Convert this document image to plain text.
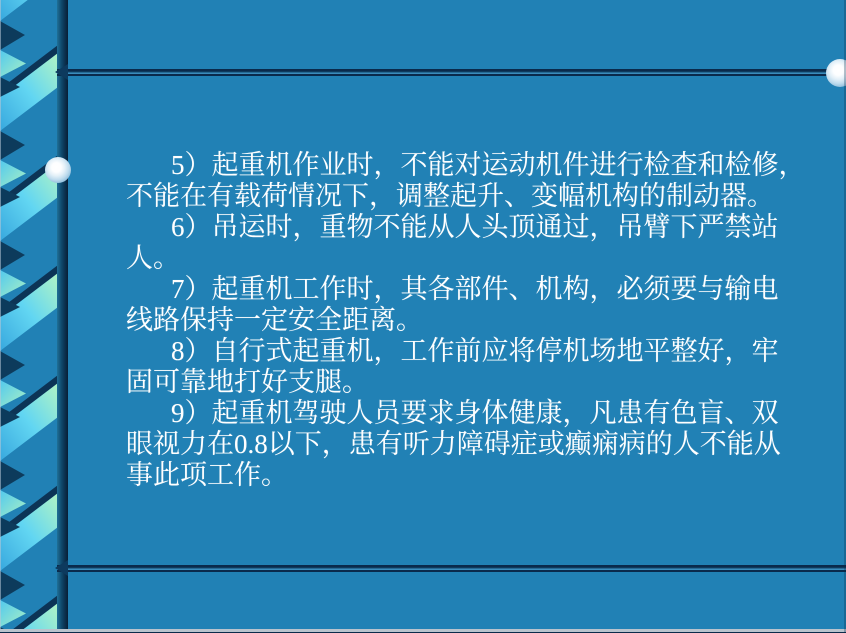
5）起重机作业时，不能对运动机件进行检查和检修，
不能在有载荷情况下，调整起升、变幅机构的制动器。
6）吊运时，重物不能从人头顶通过，吊臂下严禁站
人。
7）起重机工作时，其各部件、机构，必须要与输电
线路保持一定安全距离。
8）自行式起重机，工作前应将停机场地平整好，牢
固可靠地打好支腿。
9）起重机驾驶人员要求身体健康，凡患有色盲、双
眼视力在0.8以下，患有听力障碍症或癫痫病的人不能从
事此项工作。
